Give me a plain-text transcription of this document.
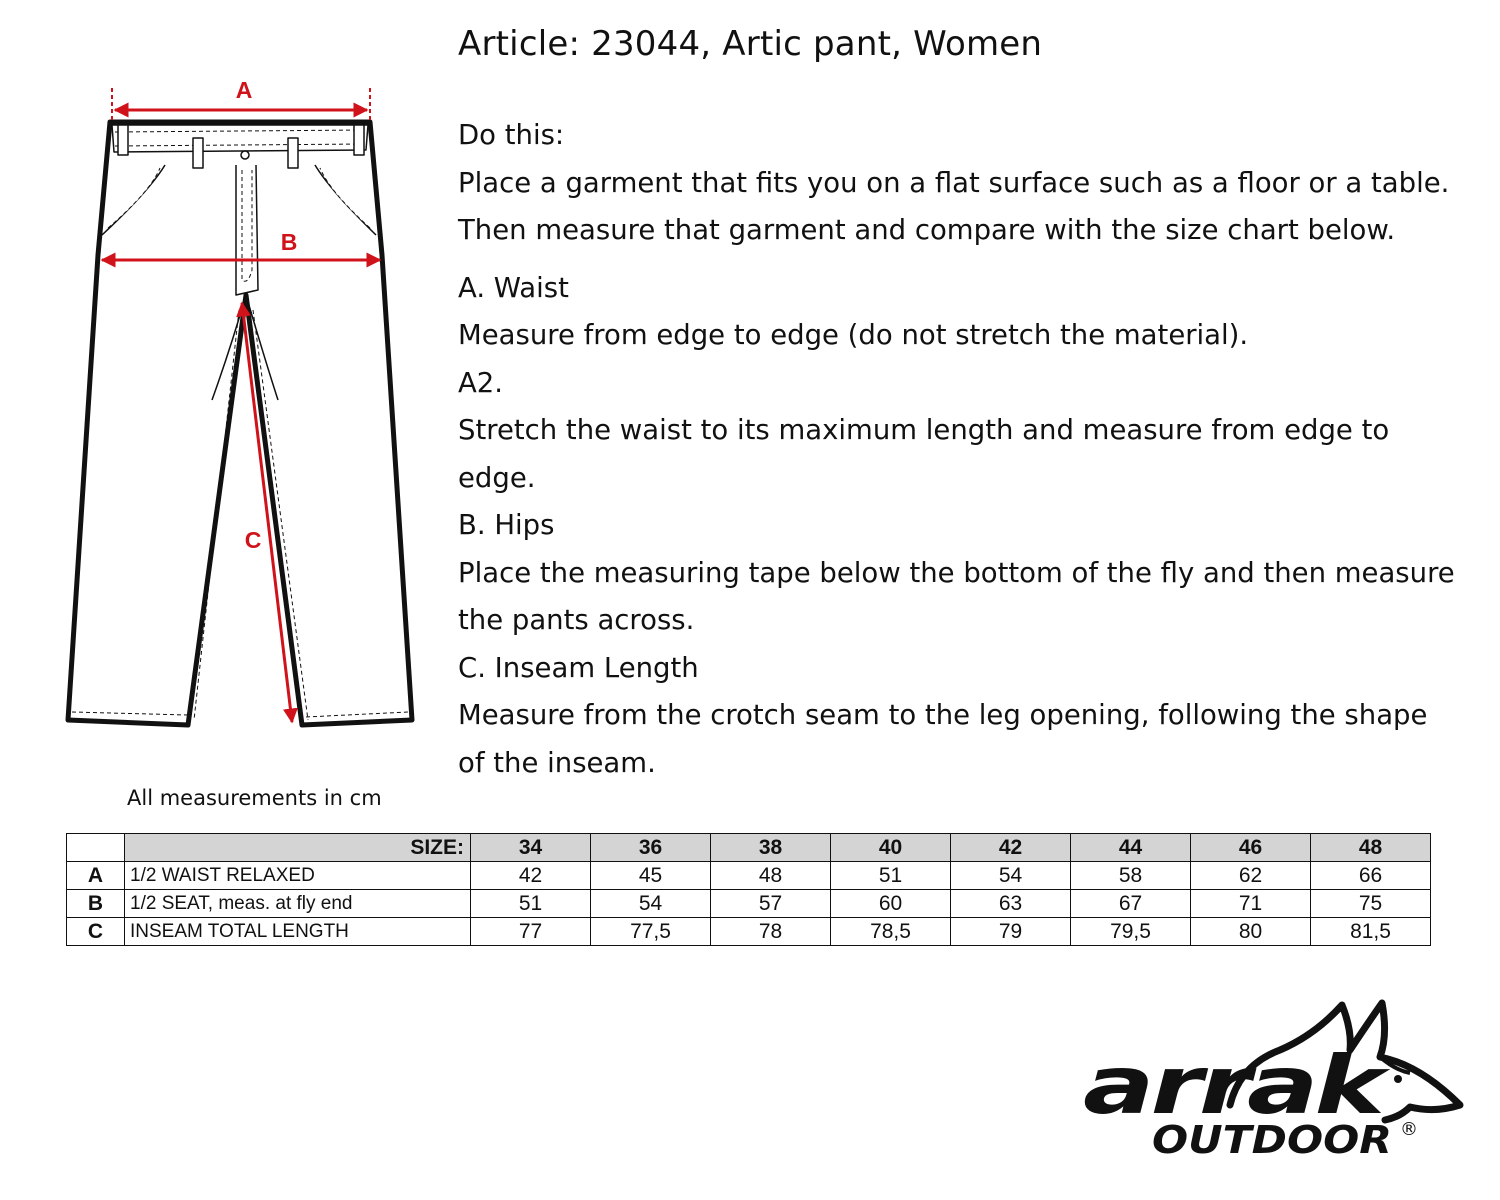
Article: 23044, Artic pant, Women
Do this:
Place a garment that fits you on a flat surface such as a floor or a table.
Then measure that garment and compare with the size chart below.
A. Waist
Measure from edge to edge (do not stretch the material).
A2.
Stretch the waist to its maximum length and measure from edge to
edge.
B. Hips
Place the measuring tape below the bottom of the fly and then measure
the pants across.
C. Inseam Length
Measure from the crotch seam to the leg opening, following the shape
of the inseam.
A
B
C
All measurements in cm
	SIZE:	34	36	38	40	42	44	46	48
A	1/2 WAIST RELAXED	42	45	48	51	54	58	62	66
B	1/2 SEAT, meas. at fly end	51	54	57	60	63	67	71	75
C	INSEAM TOTAL LENGTH	77	77,5	78	78,5	79	79,5	80	81,5
arrak
OUTDOOR ®
